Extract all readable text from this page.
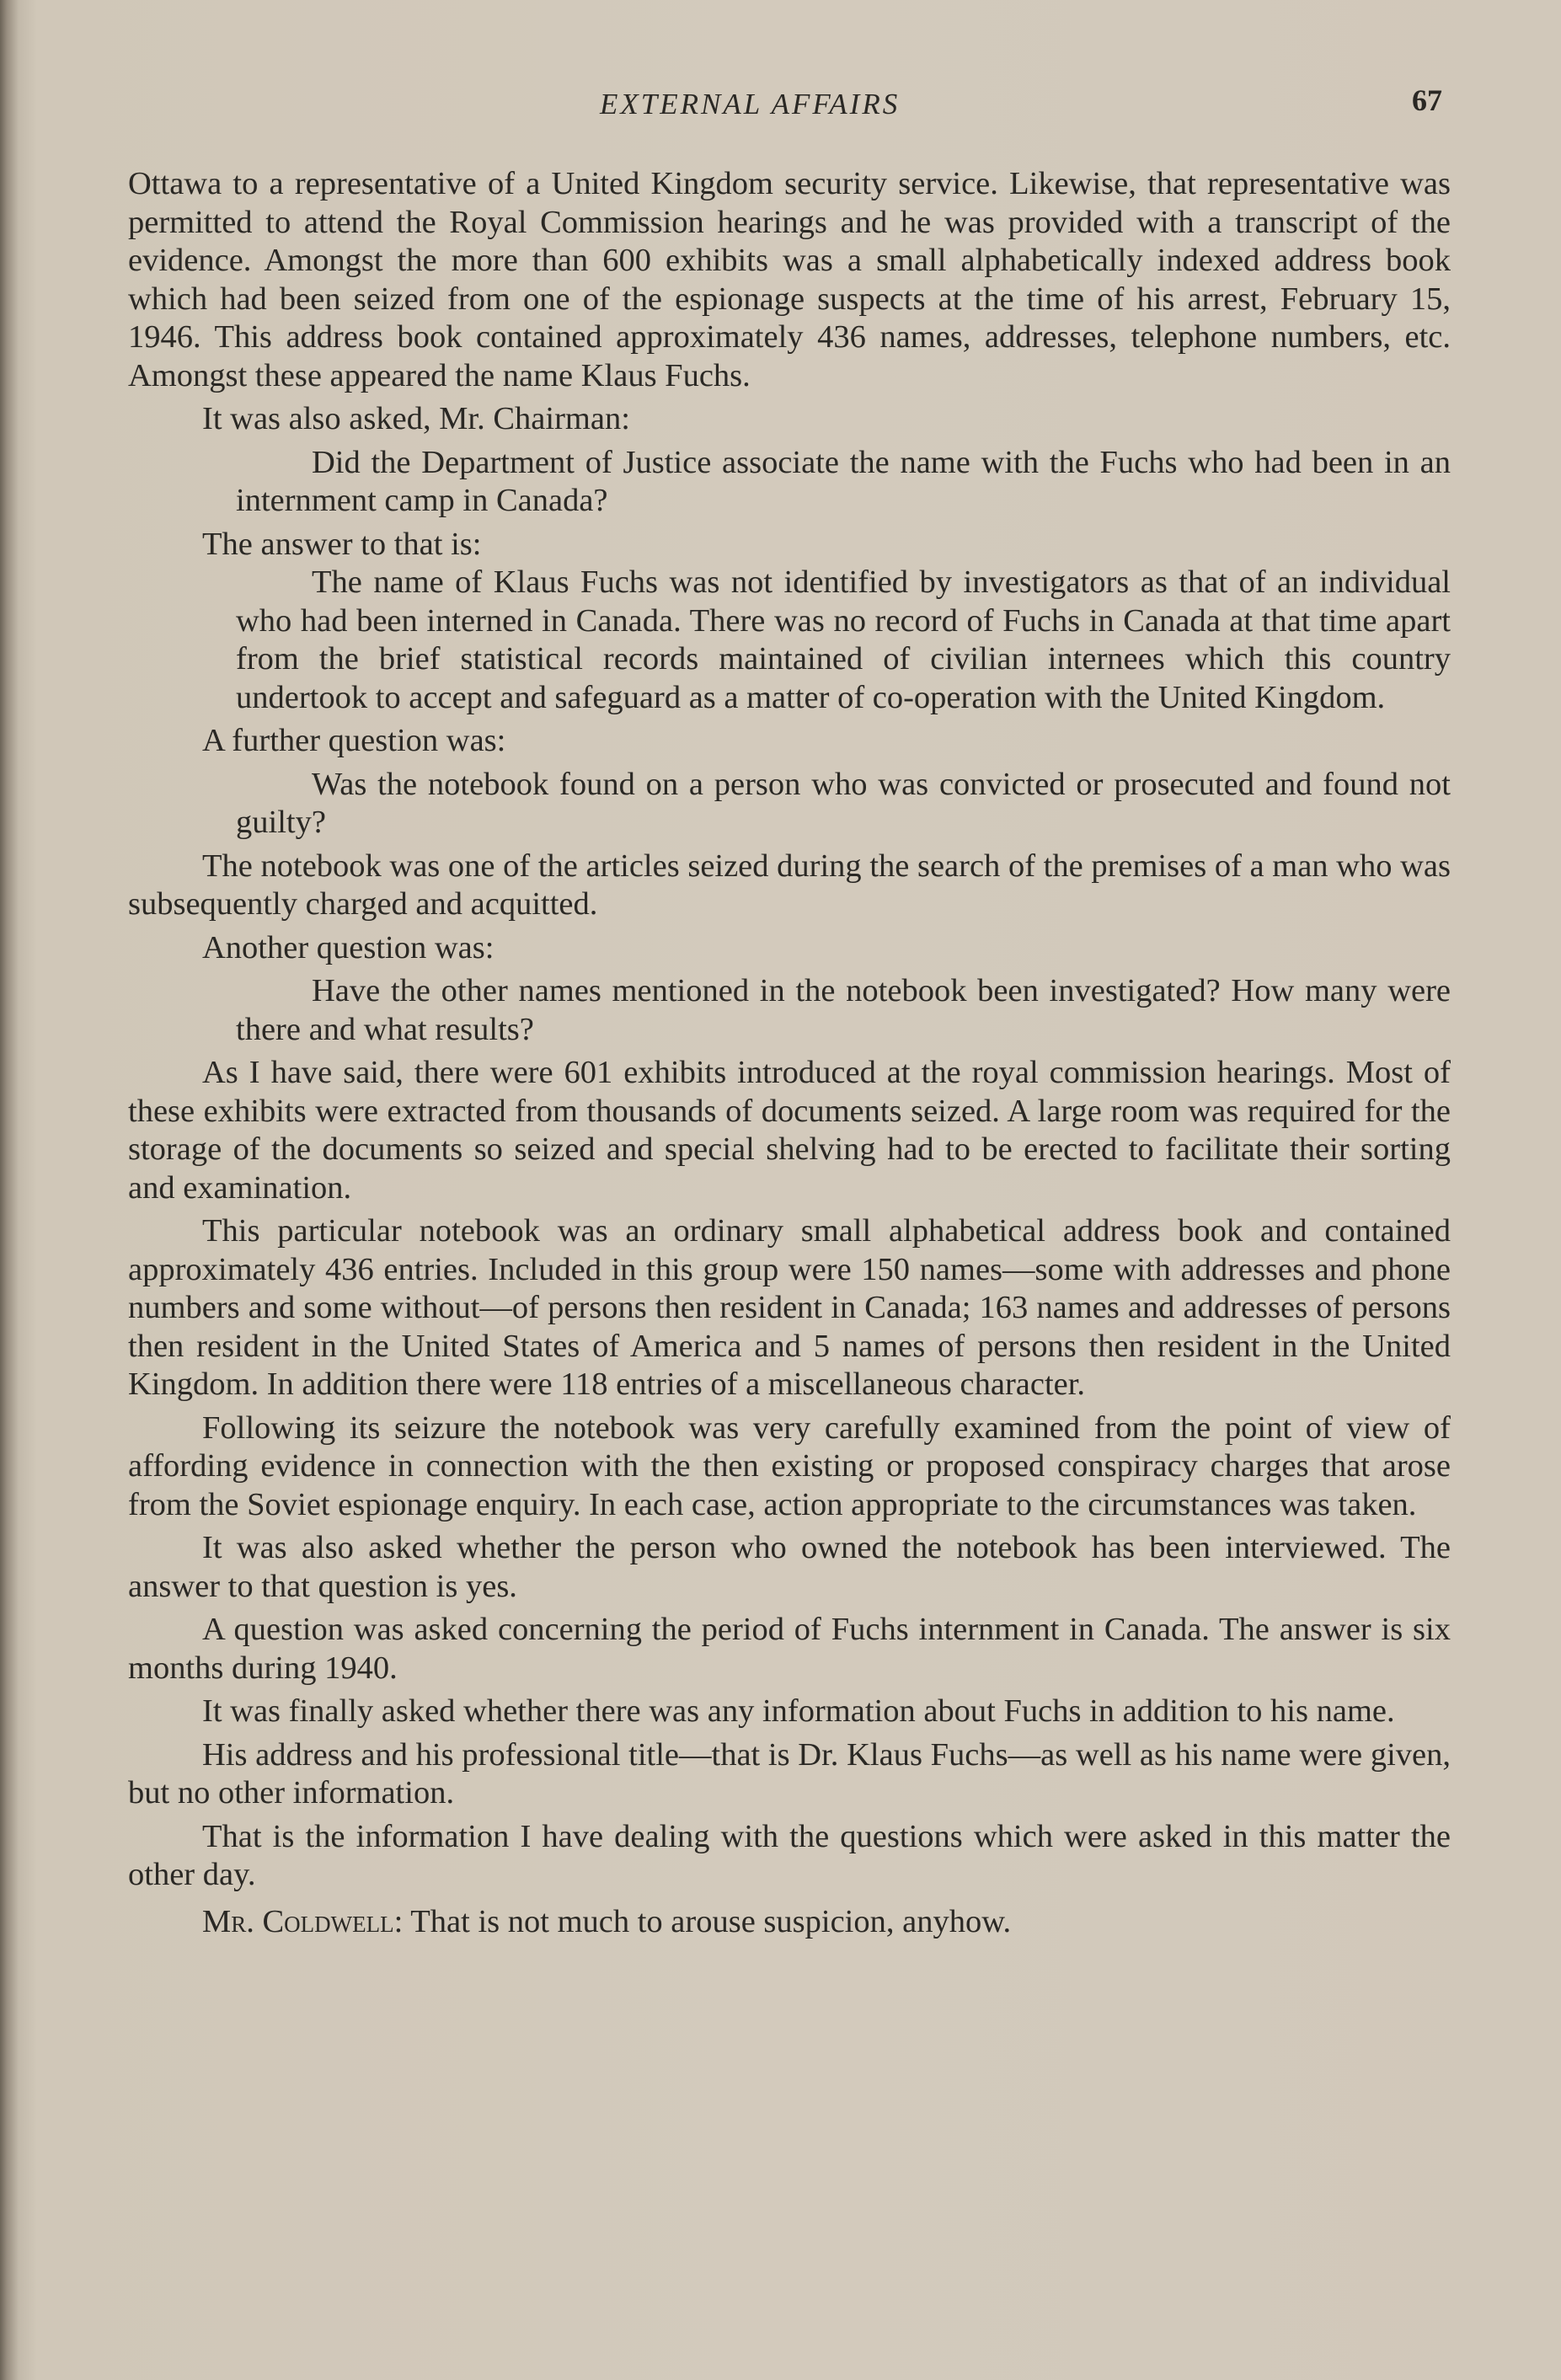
EXTERNAL AFFAIRS	67

Ottawa to a representative of a United Kingdom security service. Likewise, that representative was permitted to attend the Royal Commission hearings and he was provided with a transcript of the evidence. Amongst the more than 600 exhibits was a small alphabetically indexed address book which had been seized from one of the espionage suspects at the time of his arrest, February 15, 1946. This address book contained approximately 436 names, addresses, telephone numbers, etc. Amongst these appeared the name Klaus Fuchs.

It was also asked, Mr. Chairman:

Did the Department of Justice associate the name with the Fuchs who had been in an internment camp in Canada?

The answer to that is:

The name of Klaus Fuchs was not identified by investigators as that of an individual who had been interned in Canada. There was no record of Fuchs in Canada at that time apart from the brief statistical records maintained of civilian internees which this country undertook to accept and safeguard as a matter of co-operation with the United Kingdom.

A further question was:

Was the notebook found on a person who was convicted or prosecuted and found not guilty?

The notebook was one of the articles seized during the search of the premises of a man who was subsequently charged and acquitted.

Another question was:

Have the other names mentioned in the notebook been investigated? How many were there and what results?

As I have said, there were 601 exhibits introduced at the royal commission hearings. Most of these exhibits were extracted from thousands of documents seized. A large room was required for the storage of the documents so seized and special shelving had to be erected to facilitate their sorting and examination.

This particular notebook was an ordinary small alphabetical address book and contained approximately 436 entries. Included in this group were 150 names—some with addresses and phone numbers and some without—of persons then resident in Canada; 163 names and addresses of persons then resident in the United States of America and 5 names of persons then resident in the United Kingdom. In addition there were 118 entries of a miscellaneous character.

Following its seizure the notebook was very carefully examined from the point of view of affording evidence in connection with the then existing or proposed conspiracy charges that arose from the Soviet espionage enquiry. In each case, action appropriate to the circumstances was taken.

It was also asked whether the person who owned the notebook has been interviewed. The answer to that question is yes.

A question was asked concerning the period of Fuchs internment in Canada. The answer is six months during 1940.

It was finally asked whether there was any information about Fuchs in addition to his name.

His address and his professional title—that is Dr. Klaus Fuchs—as well as his name were given, but no other information.

That is the information I have dealing with the questions which were asked in this matter the other day.

Mr. Coldwell: That is not much to arouse suspicion, anyhow.
